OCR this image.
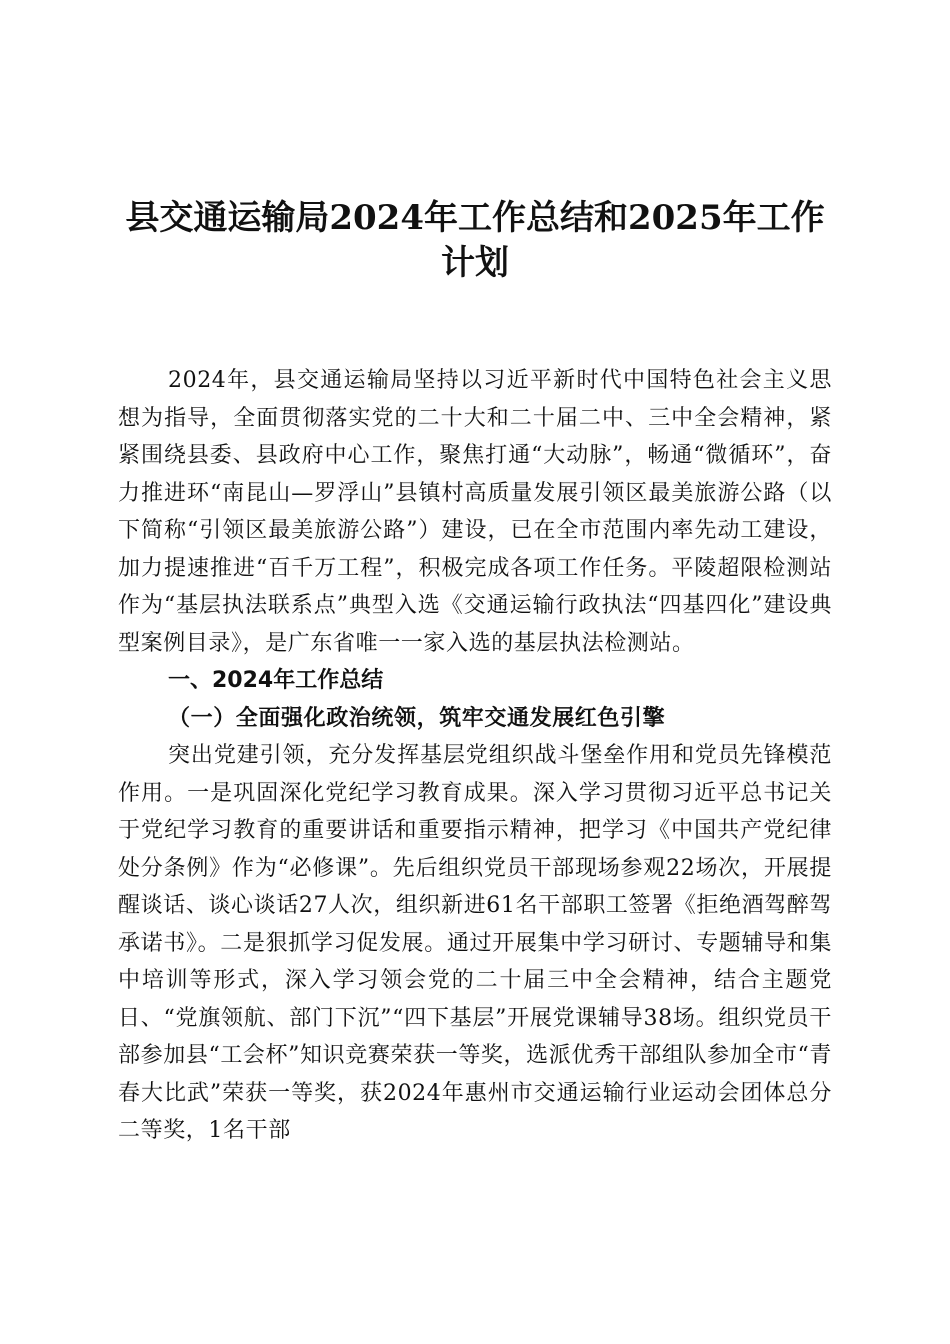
县交通运输局2024年工作总结和2025年工作
计划

2024年，县交通运输局坚持以习近平新时代中国特色社会主义思想为指导，全面贯彻落实党的二十大和二十届二中、三中全会精神，紧紧围绕县委、县政府中心工作，聚焦打通“大动脉”，畅通“微循环”，奋力推进环“南昆山—罗浮山”县镇村高质量发展引领区最美旅游公路（以下简称“引领区最美旅游公路”）建设，已在全市范围内率先动工建设，加力提速推进“百千万工程”，积极完成各项工作任务。平陵超限检测站作为“基层执法联系点”典型入选《交通运输行政执法“四基四化”建设典型案例目录》，是广东省唯一一家入选的基层执法检测站。

一、2024年工作总结

（一）全面强化政治统领，筑牢交通发展红色引擎

突出党建引领，充分发挥基层党组织战斗堡垒作用和党员先锋模范作用。一是巩固深化党纪学习教育成果。深入学习贯彻习近平总书记关于党纪学习教育的重要讲话和重要指示精神，把学习《中国共产党纪律处分条例》作为“必修课”。先后组织党员干部现场参观22场次，开展提醒谈话、谈心谈话27人次，组织新进61名干部职工签署《拒绝酒驾醉驾承诺书》。二是狠抓学习促发展。通过开展集中学习研讨、专题辅导和集中培训等形式，深入学习领会党的二十届三中全会精神，结合主题党日、“党旗领航、部门下沉”“四下基层”开展党课辅导38场。组织党员干部参加县“工会杯”知识竞赛荣获一等奖，选派优秀干部组队参加全市“青春大比武”荣获一等奖，获2024年惠州市交通运输行业运动会团体总分二等奖，1名干部
